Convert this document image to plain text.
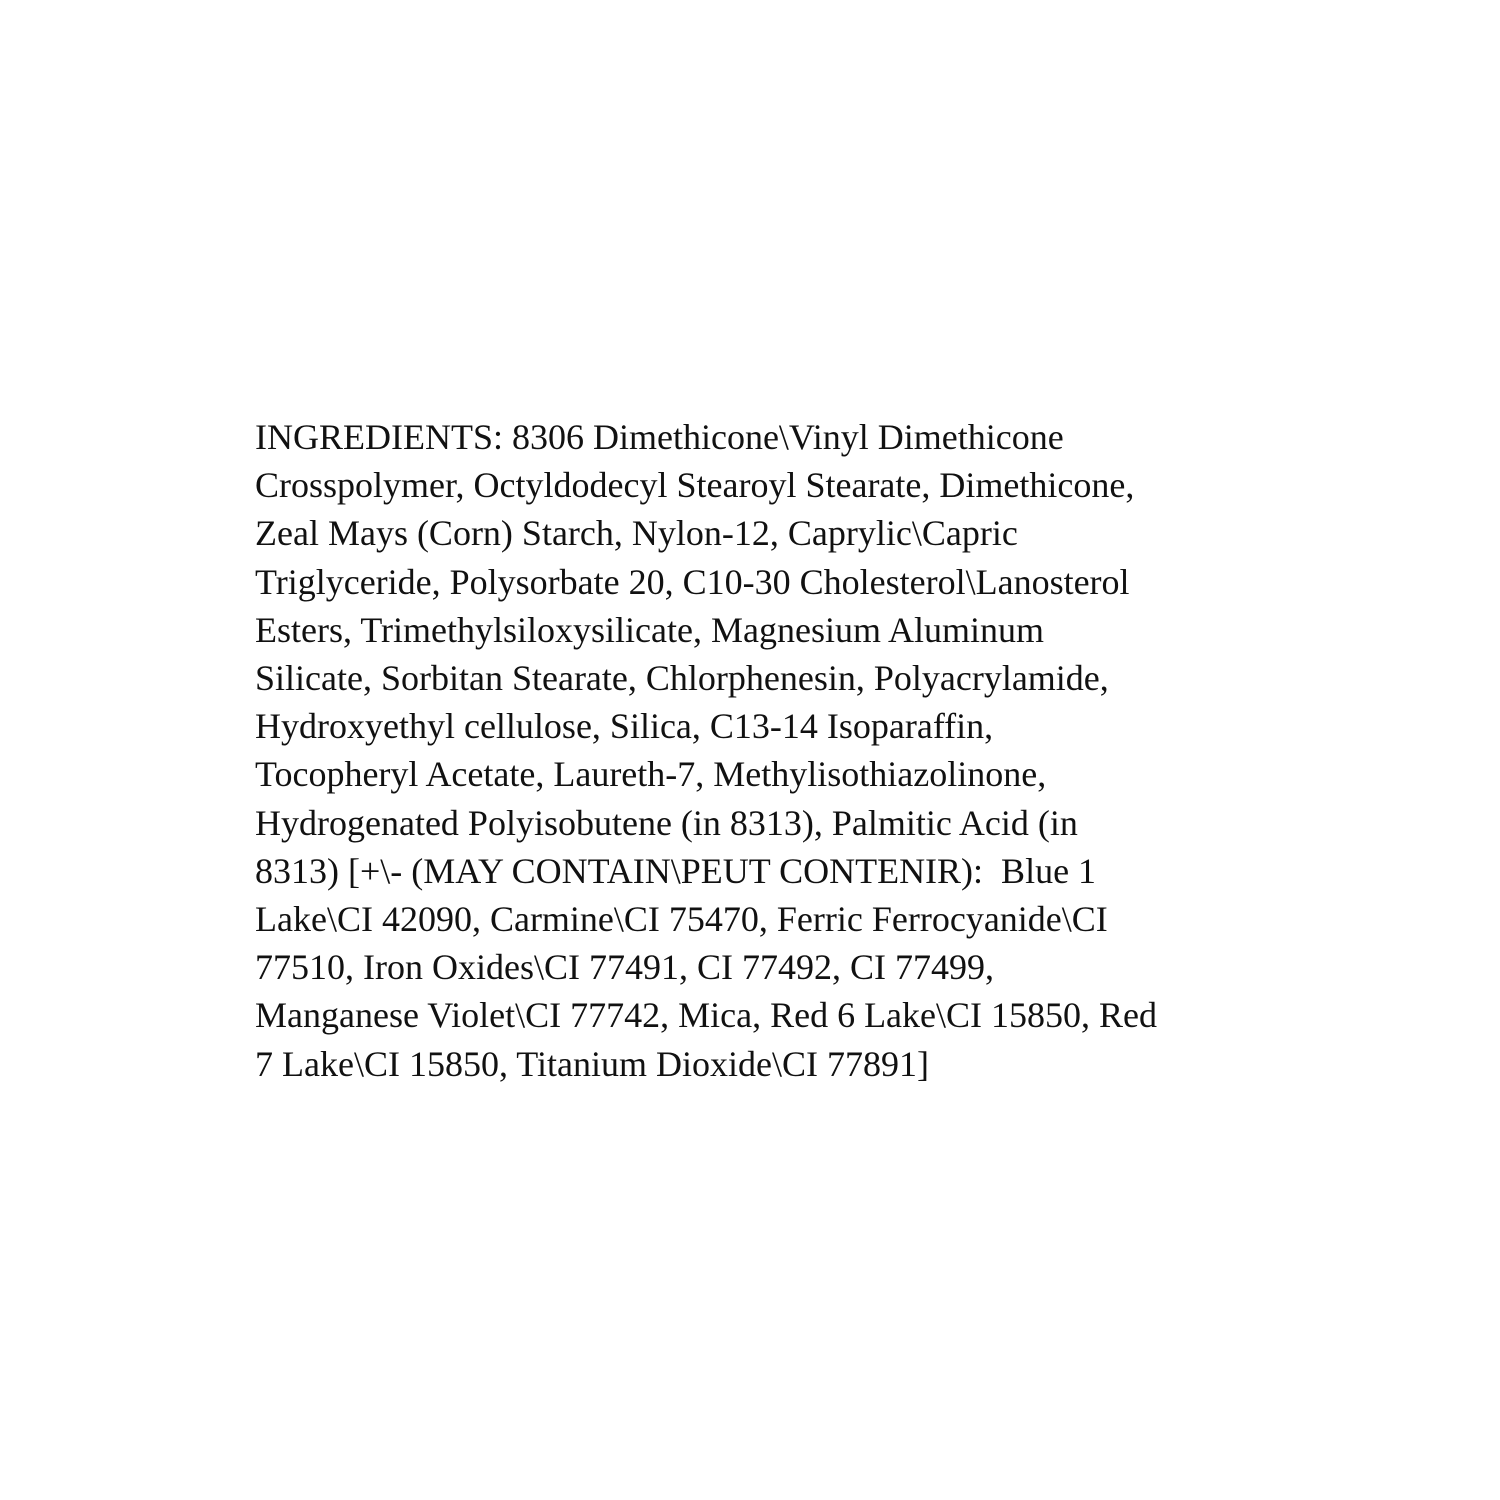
INGREDIENTS: 8306 Dimethicone\Vinyl Dimethicone
Crosspolymer, Octyldodecyl Stearoyl Stearate, Dimethicone,
Zeal Mays (Corn) Starch, Nylon-12, Caprylic\Capric
Triglyceride, Polysorbate 20, C10-30 Cholesterol\Lanosterol
Esters, Trimethylsiloxysilicate, Magnesium Aluminum
Silicate, Sorbitan Stearate, Chlorphenesin, Polyacrylamide,
Hydroxyethyl cellulose, Silica, C13-14 Isoparaffin,
Tocopheryl Acetate, Laureth-7, Methylisothiazolinone,
Hydrogenated Polyisobutene (in 8313), Palmitic Acid (in
8313) [+\- (MAY CONTAIN\PEUT CONTENIR):  Blue 1
Lake\CI 42090, Carmine\CI 75470, Ferric Ferrocyanide\CI
77510, Iron Oxides\CI 77491, CI 77492, CI 77499,
Manganese Violet\CI 77742, Mica, Red 6 Lake\CI 15850, Red
7 Lake\CI 15850, Titanium Dioxide\CI 77891]
